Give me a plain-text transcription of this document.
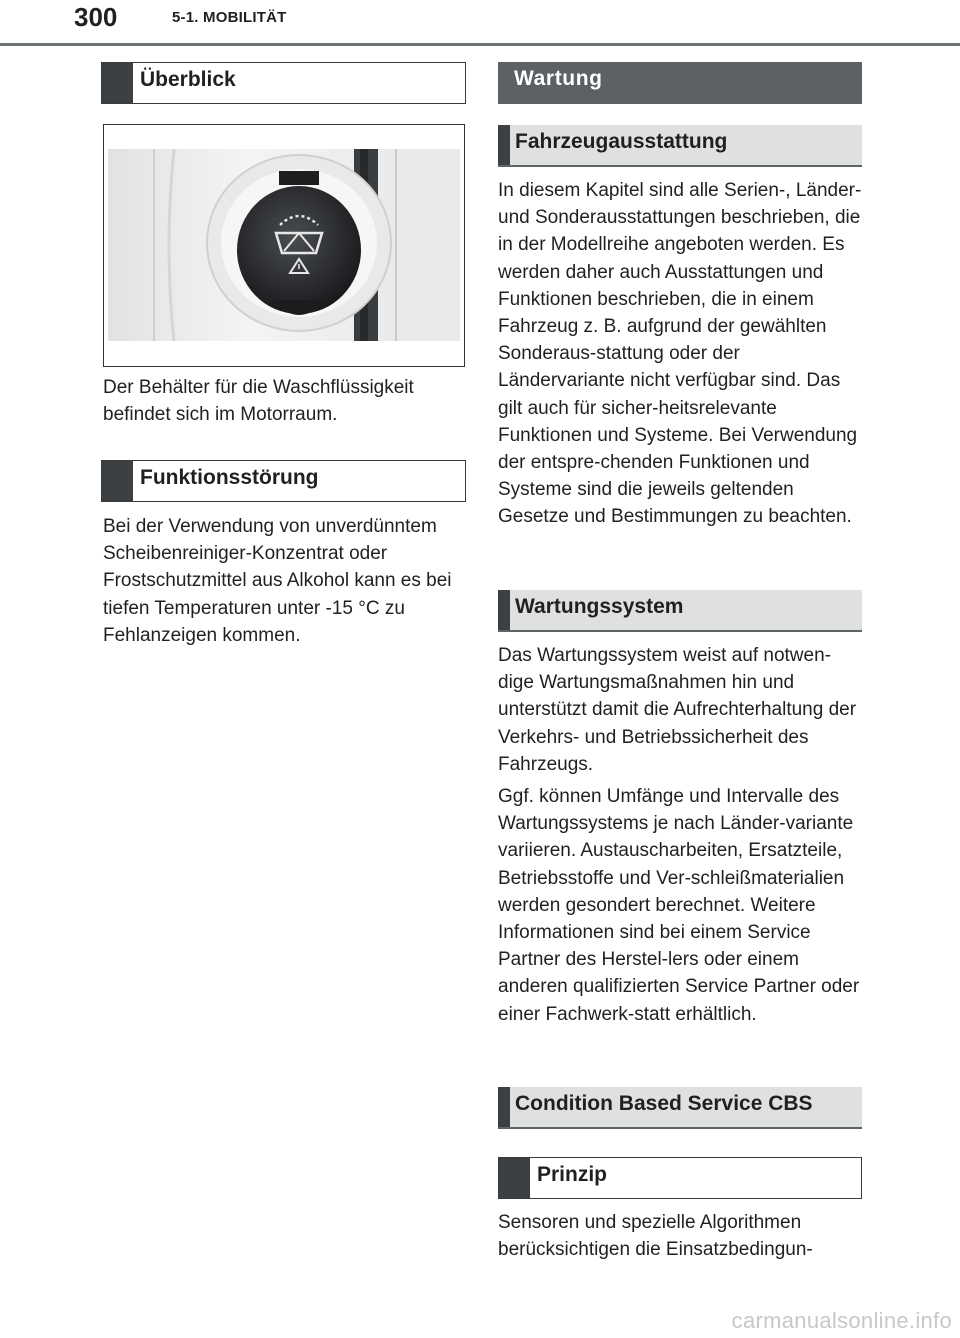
300	5-1. MOBILITÄT
Überblick

Der Behälter für die Waschflüssigkeit befindet sich im Motorraum.

Funktionsstörung

Bei der Verwendung von unverdünntem Scheibenreiniger-Konzentrat oder Frostschutzmittel aus Alkohol kann es bei tiefen Temperaturen unter -15 °C zu Fehlanzeigen kommen.

Wartung
Fahrzeugausstattung

In diesem Kapitel sind alle Serien-, Länder- und Sonderausstattungen beschrieben, die in der Modellreihe angeboten werden. Es werden daher auch Ausstattungen und Funktionen beschrieben, die in einem Fahrzeug z. B. aufgrund der gewählten Sonderaus-stattung oder der Ländervariante nicht verfügbar sind. Das gilt auch für sicher-heitsrelevante Funktionen und Systeme. Bei Verwendung der entspre-chenden Funktionen und Systeme sind die jeweils geltenden Gesetze und Bestimmungen zu beachten.

Wartungssystem

Das Wartungssystem weist auf notwen-dige Wartungsmaßnahmen hin und unterstützt damit die Aufrechterhaltung der Verkehrs- und Betriebssicherheit des Fahrzeugs.

Ggf. können Umfänge und Intervalle des Wartungssystems je nach Länder-variante variieren. Austauscharbeiten, Ersatzteile, Betriebsstoffe und Ver-schleißmaterialien werden gesondert berechnet. Weitere Informationen sind bei einem Service Partner des Herstel-lers oder einem anderen qualifizierten Service Partner oder einer Fachwerk-statt erhältlich.

Condition Based Service CBS
Prinzip

Sensoren und spezielle Algorithmen berücksichtigen die Einsatzbedingun-

carmanualsonline.info
